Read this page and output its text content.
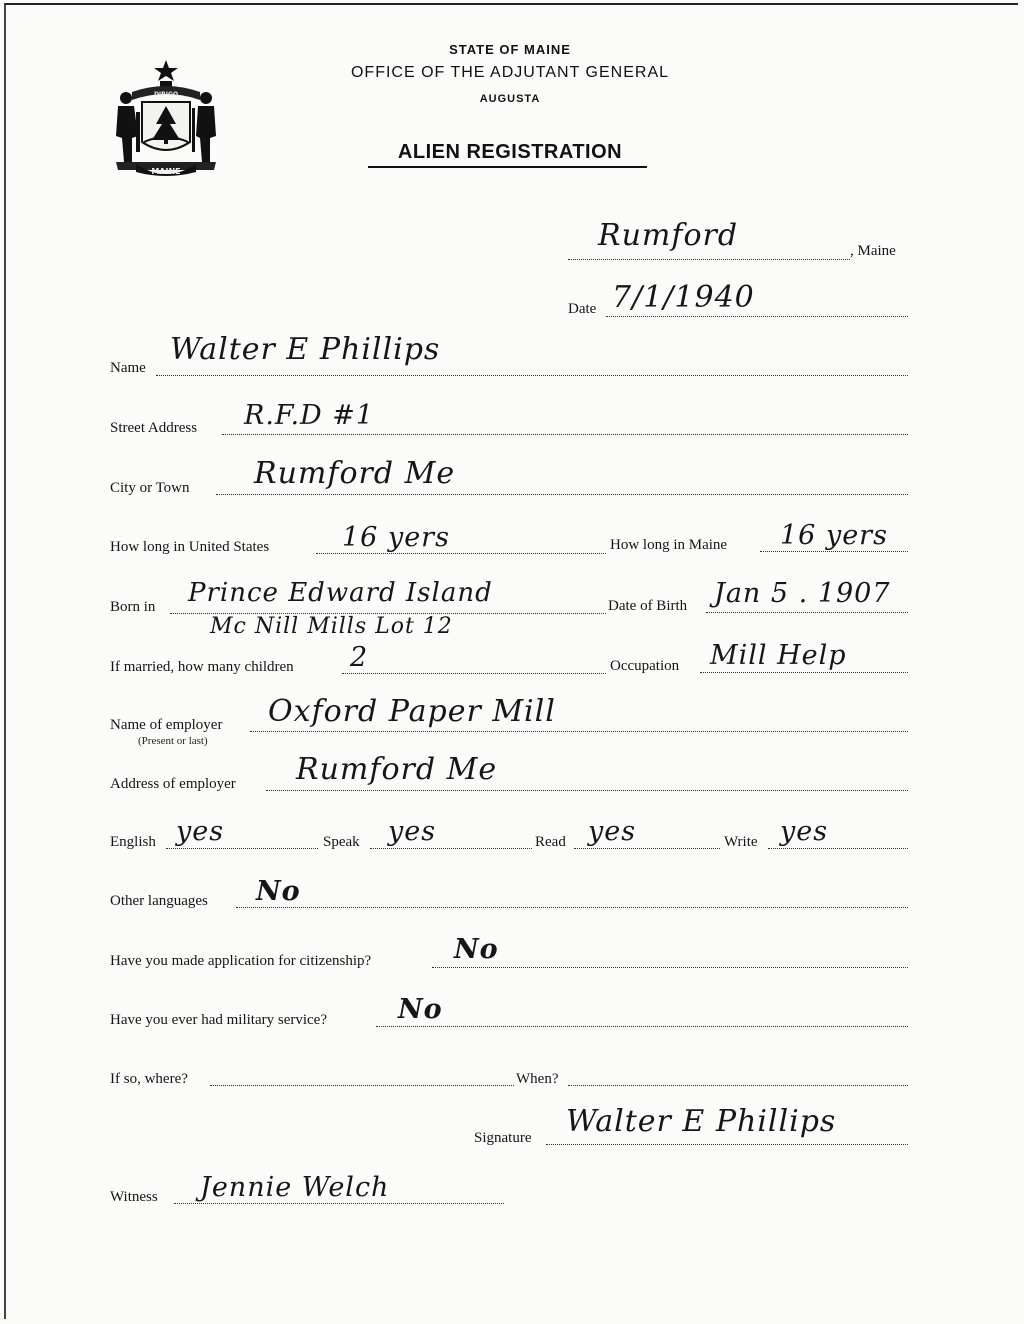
DIRIGO
MAINE
STATE OF MAINE
OFFICE OF THE ADJUTANT GENERAL
AUGUSTA
ALIEN REGISTRATION
Rumford	, Maine
Date 7/1/1940
Name
Walter E Phillips
Street Address R.F.D #1
City or Town Rumford Me
How long in United States	16 yers	How long in Maine 16 yers
Born in Prince Edward Island
Mc Nill Mills Lot 12
Date of Birth Jan 5 . 1907
If married, how many children 2	Occupation Mill Help
Name of employer
(Present or last)
Oxford Paper Mill
Address of employer Rumford Me
English yes	Speak yes	Read yes	Write yes
Other languages No
Have you made application for citizenship?	No
Have you ever had military service?	No
If so, where?	When?
Signature Walter E Phillips
Witness Jennie Welch
